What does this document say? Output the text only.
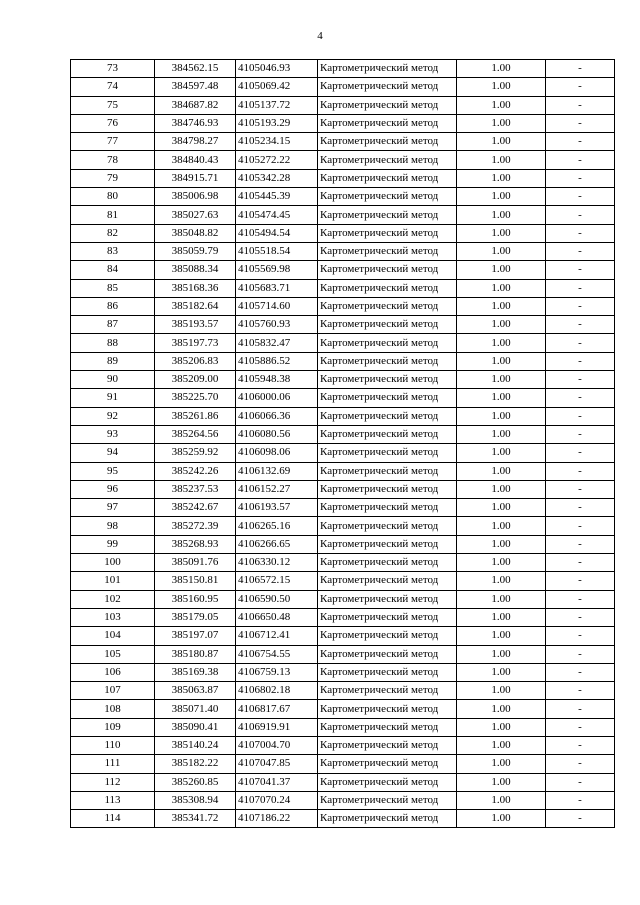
4
73	384562.15	4105046.93	Картометрический метод	1.00	-
74	384597.48	4105069.42	Картометрический метод	1.00	-
75	384687.82	4105137.72	Картометрический метод	1.00	-
76	384746.93	4105193.29	Картометрический метод	1.00	-
77	384798.27	4105234.15	Картометрический метод	1.00	-
78	384840.43	4105272.22	Картометрический метод	1.00	-
79	384915.71	4105342.28	Картометрический метод	1.00	-
80	385006.98	4105445.39	Картометрический метод	1.00	-
81	385027.63	4105474.45	Картометрический метод	1.00	-
82	385048.82	4105494.54	Картометрический метод	1.00	-
83	385059.79	4105518.54	Картометрический метод	1.00	-
84	385088.34	4105569.98	Картометрический метод	1.00	-
85	385168.36	4105683.71	Картометрический метод	1.00	-
86	385182.64	4105714.60	Картометрический метод	1.00	-
87	385193.57	4105760.93	Картометрический метод	1.00	-
88	385197.73	4105832.47	Картометрический метод	1.00	-
89	385206.83	4105886.52	Картометрический метод	1.00	-
90	385209.00	4105948.38	Картометрический метод	1.00	-
91	385225.70	4106000.06	Картометрический метод	1.00	-
92	385261.86	4106066.36	Картометрический метод	1.00	-
93	385264.56	4106080.56	Картометрический метод	1.00	-
94	385259.92	4106098.06	Картометрический метод	1.00	-
95	385242.26	4106132.69	Картометрический метод	1.00	-
96	385237.53	4106152.27	Картометрический метод	1.00	-
97	385242.67	4106193.57	Картометрический метод	1.00	-
98	385272.39	4106265.16	Картометрический метод	1.00	-
99	385268.93	4106266.65	Картометрический метод	1.00	-
100	385091.76	4106330.12	Картометрический метод	1.00	-
101	385150.81	4106572.15	Картометрический метод	1.00	-
102	385160.95	4106590.50	Картометрический метод	1.00	-
103	385179.05	4106650.48	Картометрический метод	1.00	-
104	385197.07	4106712.41	Картометрический метод	1.00	-
105	385180.87	4106754.55	Картометрический метод	1.00	-
106	385169.38	4106759.13	Картометрический метод	1.00	-
107	385063.87	4106802.18	Картометрический метод	1.00	-
108	385071.40	4106817.67	Картометрический метод	1.00	-
109	385090.41	4106919.91	Картометрический метод	1.00	-
110	385140.24	4107004.70	Картометрический метод	1.00	-
111	385182.22	4107047.85	Картометрический метод	1.00	-
112	385260.85	4107041.37	Картометрический метод	1.00	-
113	385308.94	4107070.24	Картометрический метод	1.00	-
114	385341.72	4107186.22	Картометрический метод	1.00	-
